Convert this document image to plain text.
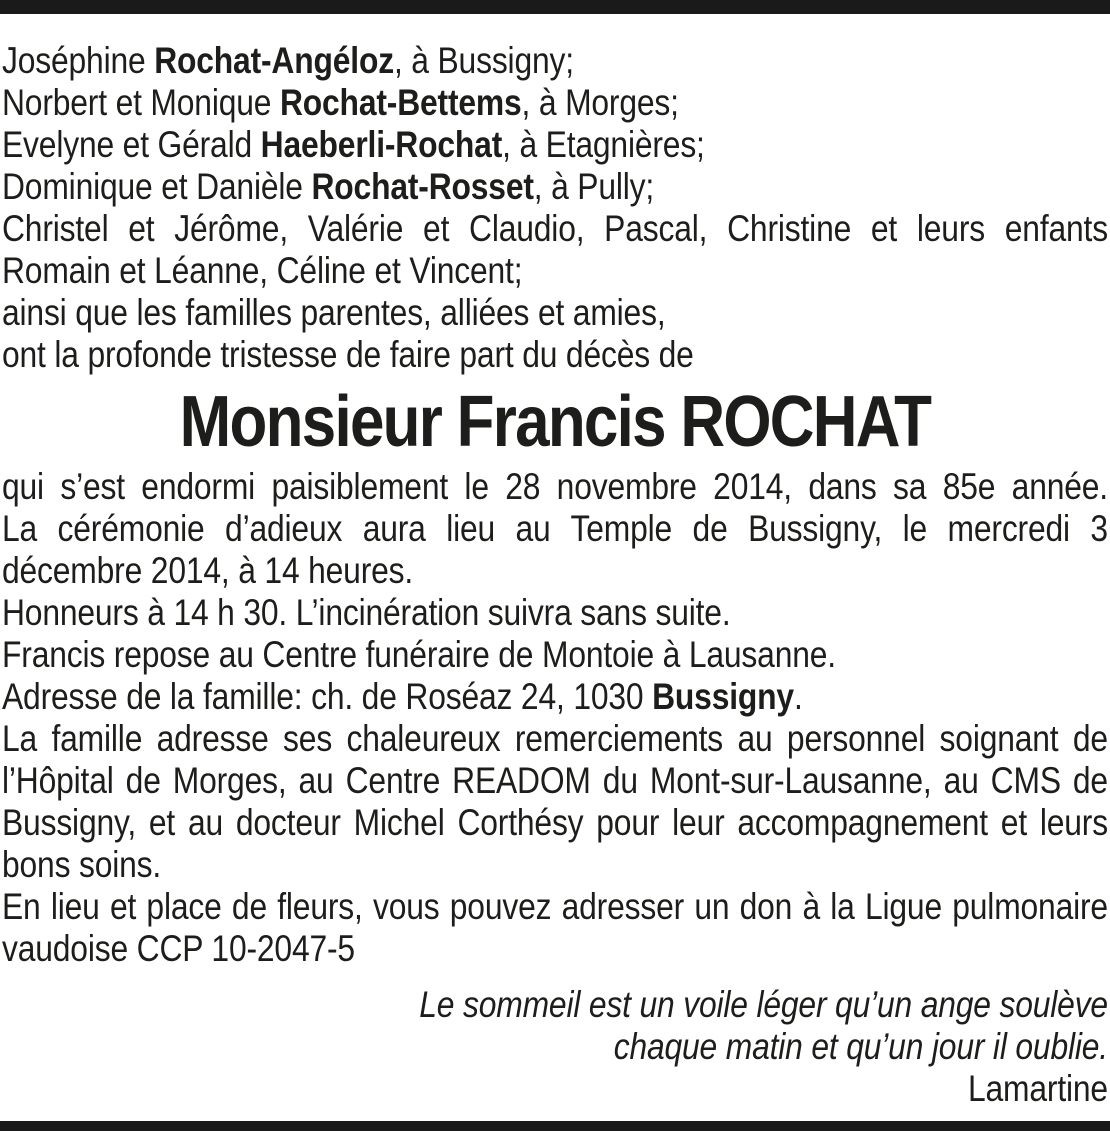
Joséphine Rochat-Angéloz, à Bussigny;

Norbert et Monique Rochat-Bettems, à Morges;

Evelyne et Gérald Haeberli-Rochat, à Etagnières;

Dominique et Danièle Rochat-Rosset, à Pully;

Christel et Jérôme, Valérie et Claudio, Pascal, Christine et leurs enfants Romain et Léanne, Céline et Vincent;

ainsi que les familles parentes, alliées et amies,

ont la profonde tristesse de faire part du décès de

Monsieur Francis ROCHAT

qui s’est endormi paisiblement le 28 novembre 2014, dans sa 85e année.

La cérémonie d’adieux aura lieu au Temple de Bussigny, le mercredi 3 décembre 2014, à 14 heures.

Honneurs à 14 h 30. L’incinération suivra sans suite.

Francis repose au Centre funéraire de Montoie à Lausanne.

Adresse de la famille: ch. de Roséaz 24, 1030 Bussigny.

La famille adresse ses chaleureux remerciements au personnel soignant de l’Hôpital de Morges, au Centre READOM du Mont-sur-Lausanne, au CMS de Bussigny, et au docteur Michel Corthésy pour leur accompagnement et leurs bons soins.

En lieu et place de fleurs, vous pouvez adresser un don à la Ligue pulmonaire vaudoise CCP 10-2047-5

Le sommeil est un voile léger qu’un ange soulève

chaque matin et qu’un jour il oublie.

Lamartine
